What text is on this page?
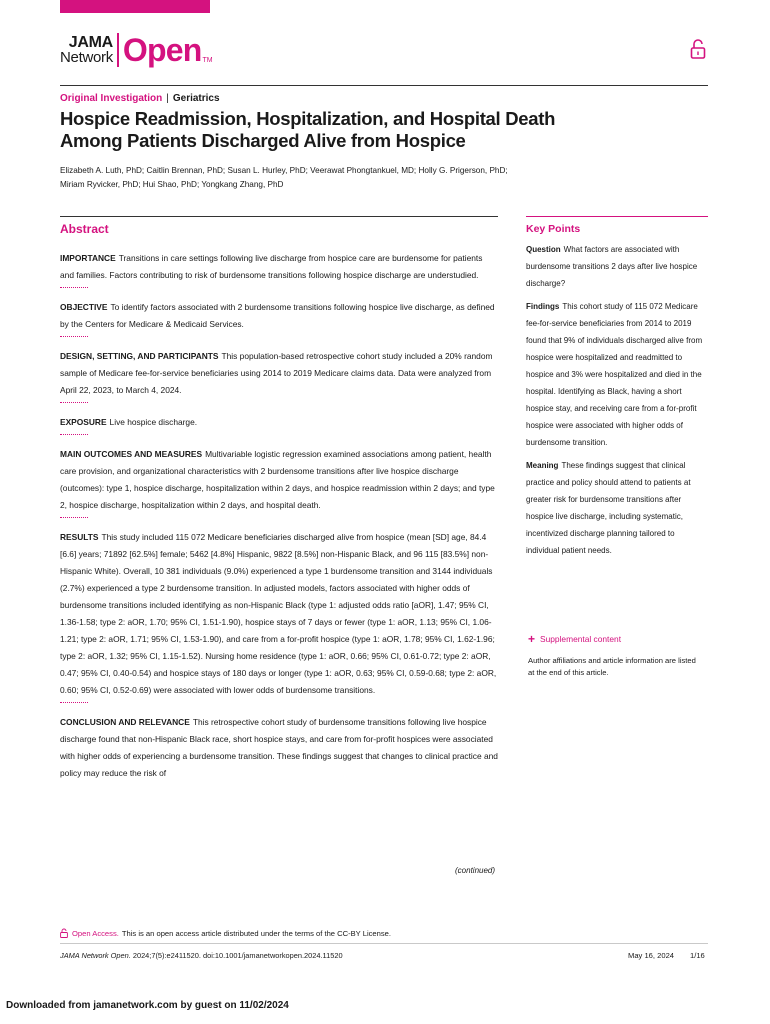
JAMA
Network Open TM
Original Investigation | Geriatrics
Hospice Readmission, Hospitalization, and Hospital Death Among Patients Discharged Alive from Hospice
Elizabeth A. Luth, PhD; Caitlin Brennan, PhD; Susan L. Hurley, PhD; Veerawat Phongtankuel, MD; Holly G. Prigerson, PhD;
Miriam Ryvicker, PhD; Hui Shao, PhD; Yongkang Zhang, PhD
Abstract
IMPORTANCE Transitions in care settings following live discharge from hospice care are burdensome for patients and families. Factors contributing to risk of burdensome transitions following hospice discharge are understudied.
OBJECTIVE To identify factors associated with 2 burdensome transitions following hospice live discharge, as defined by the Centers for Medicare & Medicaid Services.
DESIGN, SETTING, AND PARTICIPANTS This population-based retrospective cohort study included a 20% random sample of Medicare fee-for-service beneficiaries using 2014 to 2019 Medicare claims data. Data were analyzed from April 22, 2023, to March 4, 2024.
EXPOSURE Live hospice discharge.
MAIN OUTCOMES AND MEASURES Multivariable logistic regression examined associations among patient, health care provision, and organizational characteristics with 2 burdensome transitions after live hospice discharge (outcomes): type 1, hospice discharge, hospitalization within 2 days, and hospice readmission within 2 days; and type 2, hospice discharge, hospitalization within 2 days, and hospital death.
RESULTS This study included 115 072 Medicare beneficiaries discharged alive from hospice (mean [SD] age, 84.4 [6.6] years; 71892 [62.5%] female; 5462 [4.8%] Hispanic, 9822 [8.5%] non-Hispanic Black, and 96 115 [83.5%] non-Hispanic White). Overall, 10 381 individuals (9.0%) experienced a type 1 burdensome transition and 3144 individuals (2.7%) experienced a type 2 burdensome transition. In adjusted models, factors associated with higher odds of burdensome transitions included identifying as non-Hispanic Black (type 1: adjusted odds ratio [aOR], 1.47; 95% CI, 1.36-1.58; type 2: aOR, 1.70; 95% CI, 1.51-1.90), hospice stays of 7 days or fewer (type 1: aOR, 1.13; 95% CI, 1.06-1.21; type 2: aOR, 1.71; 95% CI, 1.53-1.90), and care from a for-profit hospice (type 1: aOR, 1.78; 95% CI, 1.62-1.96; type 2: aOR, 1.32; 95% CI, 1.15-1.52). Nursing home residence (type 1: aOR, 0.66; 95% CI, 0.61-0.72; type 2: aOR, 0.47; 95% CI, 0.40-0.54) and hospice stays of 180 days or longer (type 1: aOR, 0.63; 95% CI, 0.59-0.68; type 2: aOR, 0.60; 95% CI, 0.52-0.69) were associated with lower odds of burdensome transitions.
CONCLUSION AND RELEVANCE This retrospective cohort study of burdensome transitions following live hospice discharge found that non-Hispanic Black race, short hospice stays, and care from for-profit hospices were associated with higher odds of experiencing a burdensome transition. These findings suggest that changes to clinical practice and policy may reduce the risk of
(continued)
Key Points
Question What factors are associated with burdensome transitions 2 days after live hospice discharge?
Findings This cohort study of 115 072 Medicare fee-for-service beneficiaries from 2014 to 2019 found that 9% of individuals discharged alive from hospice were hospitalized and readmitted to hospice and 3% were hospitalized and died in the hospital. Identifying as Black, having a short hospice stay, and receiving care from a for-profit hospice were associated with higher odds of burdensome transition.
Meaning These findings suggest that clinical practice and policy should attend to patients at greater risk for burdensome transitions after hospice live discharge, including systematic, incentivized discharge planning tailored to individual patient needs.
+ Supplemental content
Author affiliations and article information are listed at the end of this article.
Open Access. This is an open access article distributed under the terms of the CC-BY License.
JAMA Network Open. 2024;7(5):e2411520. doi:10.1001/jamanetworkopen.2024.11520	May 16, 2024 1/16
Downloaded from jamanetwork.com by guest on 11/02/2024
